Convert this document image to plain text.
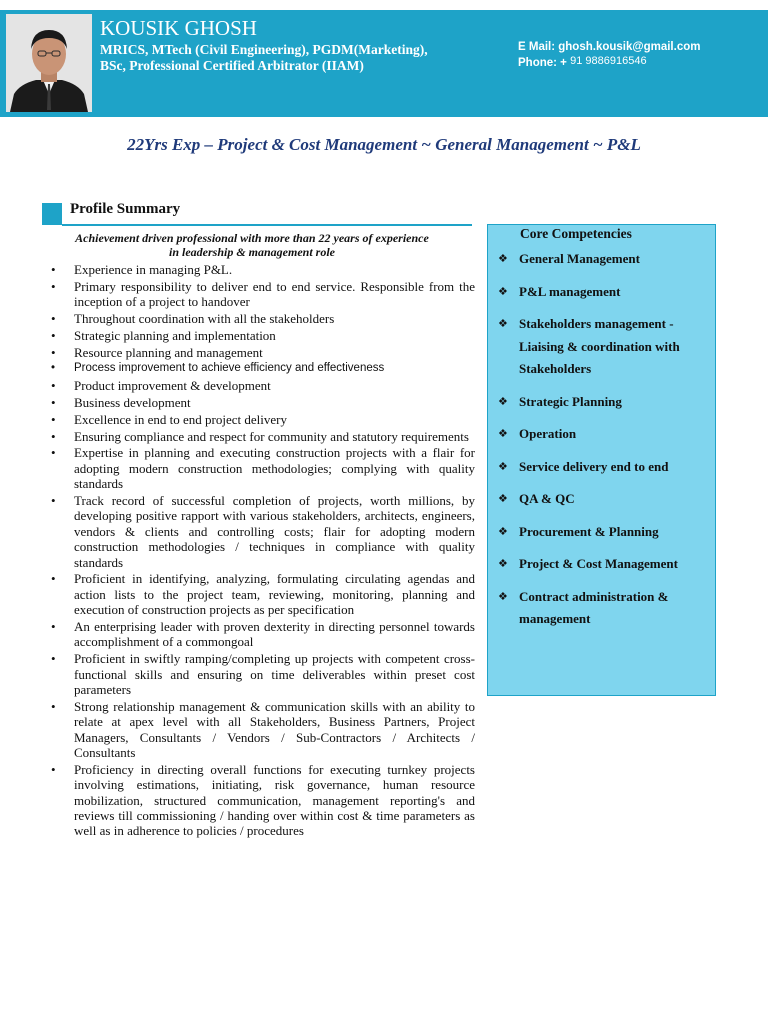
KOUSIK GHOSH
MRICS, MTech (Civil Engineering), PGDM(Marketing),
BSc, Professional Certified Arbitrator (IIAM)
E Mail: ghosh.kousik@gmail.com
Phone: + 91 9886916546
22Yrs Exp – Project & Cost Management ~ General Management ~ P&L
Profile Summary
Achievement driven professional with more than 22 years of experience in leadership & management role
• Experience in managing P&L.
• Primary responsibility to deliver end to end service. Responsible from the inception of a project to handover
• Throughout coordination with all the stakeholders
• Strategic planning and implementation
• Resource planning and management
• Process improvement to achieve efficiency and effectiveness
• Product improvement & development
• Business development
• Excellence in end to end project delivery
• Ensuring compliance and respect for community and statutory requirements
• Expertise in planning and executing construction projects with a flair for adopting modern construction methodologies; complying with quality standards
• Track record of successful completion of projects, worth millions, by developing positive rapport with various stakeholders, architects, engineers, vendors & clients and controlling costs; flair for adopting modern construction methodologies / techniques in compliance with quality standards
• Proficient in identifying, analyzing, formulating circulating agendas and action lists to the project team, reviewing, monitoring, planning and execution of construction projects as per specification
• An enterprising leader with proven dexterity in directing personnel towards accomplishment of a commongoal
• Proficient in swiftly ramping/completing up projects with competent cross-functional skills and ensuring on time deliverables within preset cost parameters
• Strong relationship management & communication skills with an ability to relate at apex level with all Stakeholders, Business Partners, Project Managers, Consultants / Vendors / Sub-Contractors / Architects / Consultants
• Proficiency in directing overall functions for executing turnkey projects involving estimations, initiating, risk governance, human resource mobilization, structured communication, management reporting's and reviews till commissioning / handing over within cost & time parameters as well as in adherence to policies / procedures
Core Competencies
❖ General Management
❖ P&L management
❖ Stakeholders management - Liaising & coordination with Stakeholders
❖ Strategic Planning
❖ Operation
❖ Service delivery end to end
❖ QA & QC
❖ Procurement & Planning
❖ Project & Cost Management
❖ Contract administration & management
